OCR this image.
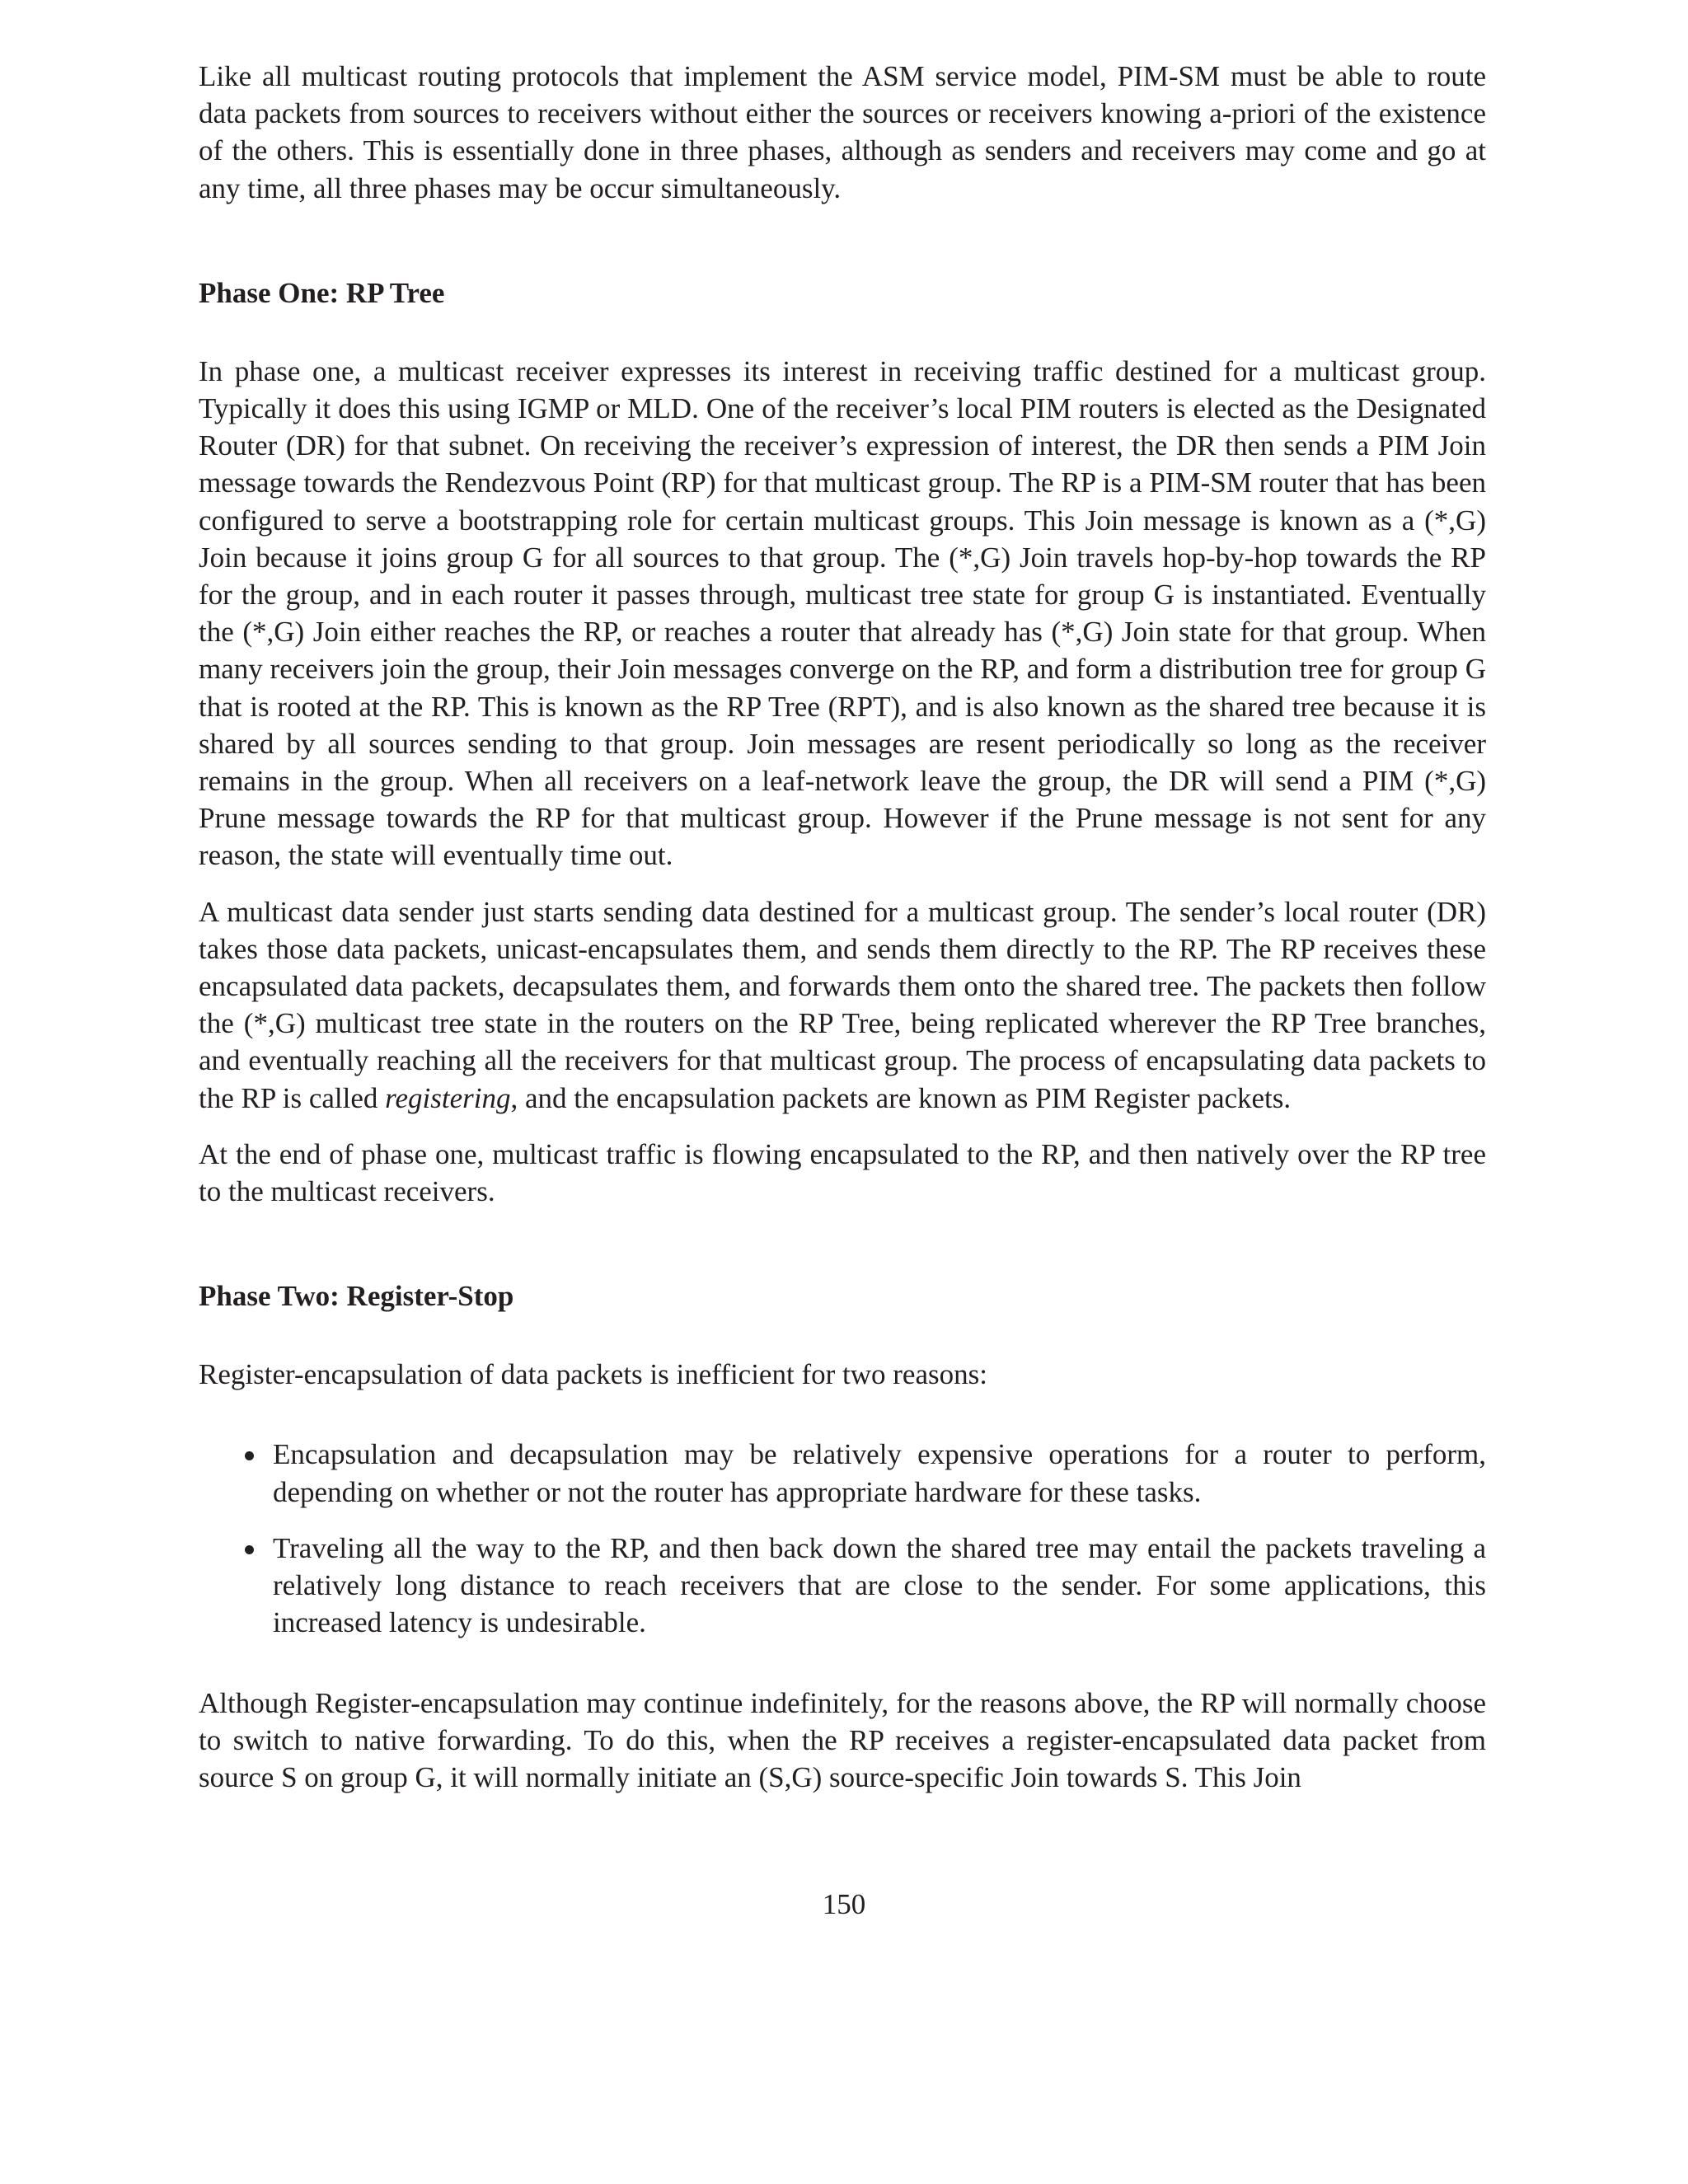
Like all multicast routing protocols that implement the ASM service model, PIM-SM must be able to route data packets from sources to receivers without either the sources or receivers knowing a-priori of the existence of the others. This is essentially done in three phases, although as senders and receivers may come and go at any time, all three phases may be occur simultaneously.

Phase One: RP Tree

In phase one, a multicast receiver expresses its interest in receiving traffic destined for a multicast group. Typically it does this using IGMP or MLD. One of the receiver’s local PIM routers is elected as the Designated Router (DR) for that subnet. On receiving the receiver’s expression of interest, the DR then sends a PIM Join message towards the Rendezvous Point (RP) for that multicast group. The RP is a PIM-SM router that has been configured to serve a bootstrapping role for certain multicast groups. This Join message is known as a (*,G) Join because it joins group G for all sources to that group. The (*,G) Join travels hop-by-hop towards the RP for the group, and in each router it passes through, multicast tree state for group G is instantiated. Eventually the (*,G) Join either reaches the RP, or reaches a router that already has (*,G) Join state for that group. When many receivers join the group, their Join messages converge on the RP, and form a distribution tree for group G that is rooted at the RP. This is known as the RP Tree (RPT), and is also known as the shared tree because it is shared by all sources sending to that group. Join messages are resent periodically so long as the receiver remains in the group. When all receivers on a leaf-network leave the group, the DR will send a PIM (*,G) Prune message towards the RP for that multicast group. However if the Prune message is not sent for any reason, the state will eventually time out.

A multicast data sender just starts sending data destined for a multicast group. The sender’s local router (DR) takes those data packets, unicast-encapsulates them, and sends them directly to the RP. The RP receives these encapsulated data packets, decapsulates them, and forwards them onto the shared tree. The packets then follow the (*,G) multicast tree state in the routers on the RP Tree, being replicated wherever the RP Tree branches, and eventually reaching all the receivers for that multicast group. The process of encapsulating data packets to the RP is called registering, and the encapsulation packets are known as PIM Register packets.

At the end of phase one, multicast traffic is flowing encapsulated to the RP, and then natively over the RP tree to the multicast receivers.

Phase Two: Register-Stop

Register-encapsulation of data packets is inefficient for two reasons:

Encapsulation and decapsulation may be relatively expensive operations for a router to perform, depending on whether or not the router has appropriate hardware for these tasks.

Traveling all the way to the RP, and then back down the shared tree may entail the packets traveling a relatively long distance to reach receivers that are close to the sender. For some applications, this increased latency is undesirable.

Although Register-encapsulation may continue indefinitely, for the reasons above, the RP will normally choose to switch to native forwarding. To do this, when the RP receives a register-encapsulated data packet from source S on group G, it will normally initiate an (S,G) source-specific Join towards S. This Join

150
